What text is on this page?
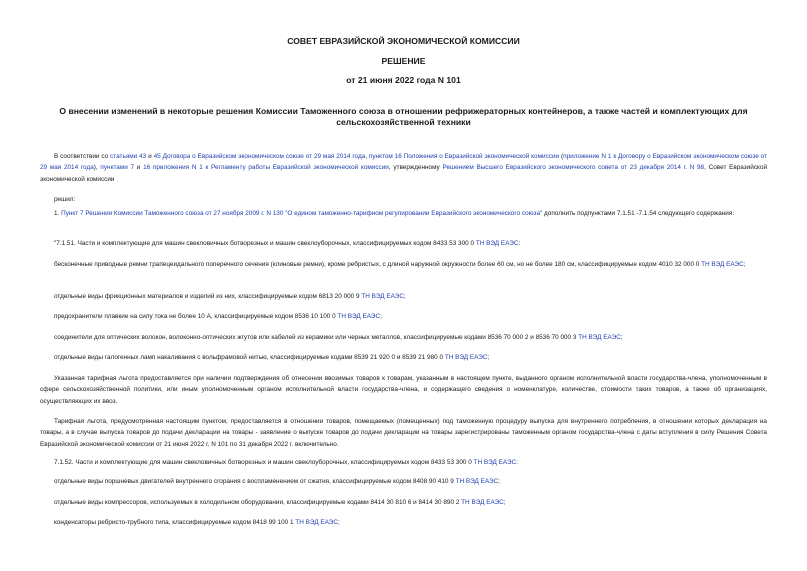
СОВЕТ ЕВРАЗИЙСКОЙ ЭКОНОМИЧЕСКОЙ КОМИССИИ
РЕШЕНИЕ
от 21 июня 2022 года N 101
О внесении изменений в некоторые решения Комиссии Таможенного союза в отношении рефрижераторных контейнеров, а также частей и комплектующих для сельскохозяйственной техники
В соответствии со статьями 43 и 45 Договора о Евразийском экономическом союзе от 29 мая 2014 года, пунктом 16 Положения о Евразийской экономической комиссии (приложение N 1 к Договору о Евразийском экономическом союзе от 29 мая 2014 года), пунктами 7 и 16 приложения N 1 к Регламенту работы Евразийской экономической комиссии, утвержденному Решением Высшего Евразийского экономического совета от 23 декабря 2014 г. N 98, Совет Евразийской экономической комиссии
решил:
1. Пункт 7 Решения Комиссии Таможенного союза от 27 ноября 2009 г. N 130 "О едином таможенно-тарифном регулировании Евразийского экономического союза" дополнить подпунктами 7.1.51 -7.1.54 следующего содержания:
"7.1.51. Части и комплектующие для машин свекловичных ботворезных и машин свеклоуборочных, классифицируемых кодом 8433 53 300 0 ТН ВЭД ЕАЭС:
бесконечные приводные ремни трапецеидального поперечного сечения (клиновые ремни), кроме ребристых, с длиной наружной окружности более 60 см, но не более 180 см, классифицируемые кодом 4010 32 000 0 ТН ВЭД ЕАЭС;
отдельные виды фрикционных материалов и изделий из них, классифицируемые кодом 6813 20 000 9 ТН ВЭД ЕАЭС;
предохранители плавкие на силу тока не более 10 А, классифицируемые кодом 8536 10 100 0 ТН ВЭД ЕАЭС;
соединители для оптических волокон, волоконно-оптических жгутов или кабелей из керамики или черных металлов, классифицируемые кодами 8536 70 000 2 и 8536 70 000 3 ТН ВЭД ЕАЭС;
отдельные виды галогенных ламп накаливания с вольфрамовой нитью, классифицируемые кодами 8539 21 920 0 и 8539 21 980 0 ТН ВЭД ЕАЭС;
Указанная тарифная льгота предоставляется при наличии подтверждения об отнесении ввозимых товаров к товарам, указанным в настоящем пункте, выданного органом исполнительной власти государства-члена, уполномоченным в сфере сельскохозяйственной политики, или иным уполномоченным органом исполнительной власти государства-члена, и содержащего сведения о номенклатуре, количестве, стоимости таких товаров, а также об организациях, осуществляющих их ввоз.
Тарифная льгота, предусмотренная настоящим пунктом, предоставляется в отношении товаров, помещаемых (помещенных) под таможенную процедуру выпуска для внутреннего потребления, в отношении которых декларация на товары, а в случае выпуска товаров до подачи декларации на товары - заявление о выпуске товаров до подачи декларации на товары зарегистрированы таможенным органом государства-члена с даты вступления в силу Решения Совета Евразийской экономической комиссии от 21 июня 2022 г. N 101 по 31 декабря 2022 г. включительно.
7.1.52. Части и комплектующие для машин свекловичных ботворезных и машин свеклоуборочных, классифицируемых кодом 8433 53 300 0 ТН ВЭД ЕАЭС:
отдельные виды поршневых двигателей внутреннего сгорания с воспламенением от сжатия, классифицируемые кодом 8408 90 410 9 ТН ВЭД ЕАЭС;
отдельные виды компрессоров, используемых в холодильном оборудовании, классифицируемые кодами 8414 30 810 6 и 8414 30 890 2 ТН ВЭД ЕАЭС;
конденсаторы ребристо-трубного типа, классифицируемые кодом 8418 99 100 1 ТН ВЭД ЕАЭС;
